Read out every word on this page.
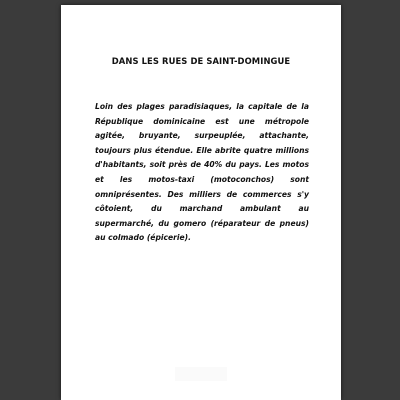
DANS LES RUES DE SAINT-DOMINGUE

Loin des plages paradisiaques, la capitale de la République dominicaine est une métropole agitée, bruyante, surpeuplée, attachante, toujours plus étendue. Elle abrite quatre millions d'habitants, soit près de 40% du pays. Les motos et les motos-taxi (motoconchos) sont omniprésentes. Des milliers de commerces s'y côtoient, du marchand ambulant au supermarché, du gomero (réparateur de pneus) au colmado (épicerie).
